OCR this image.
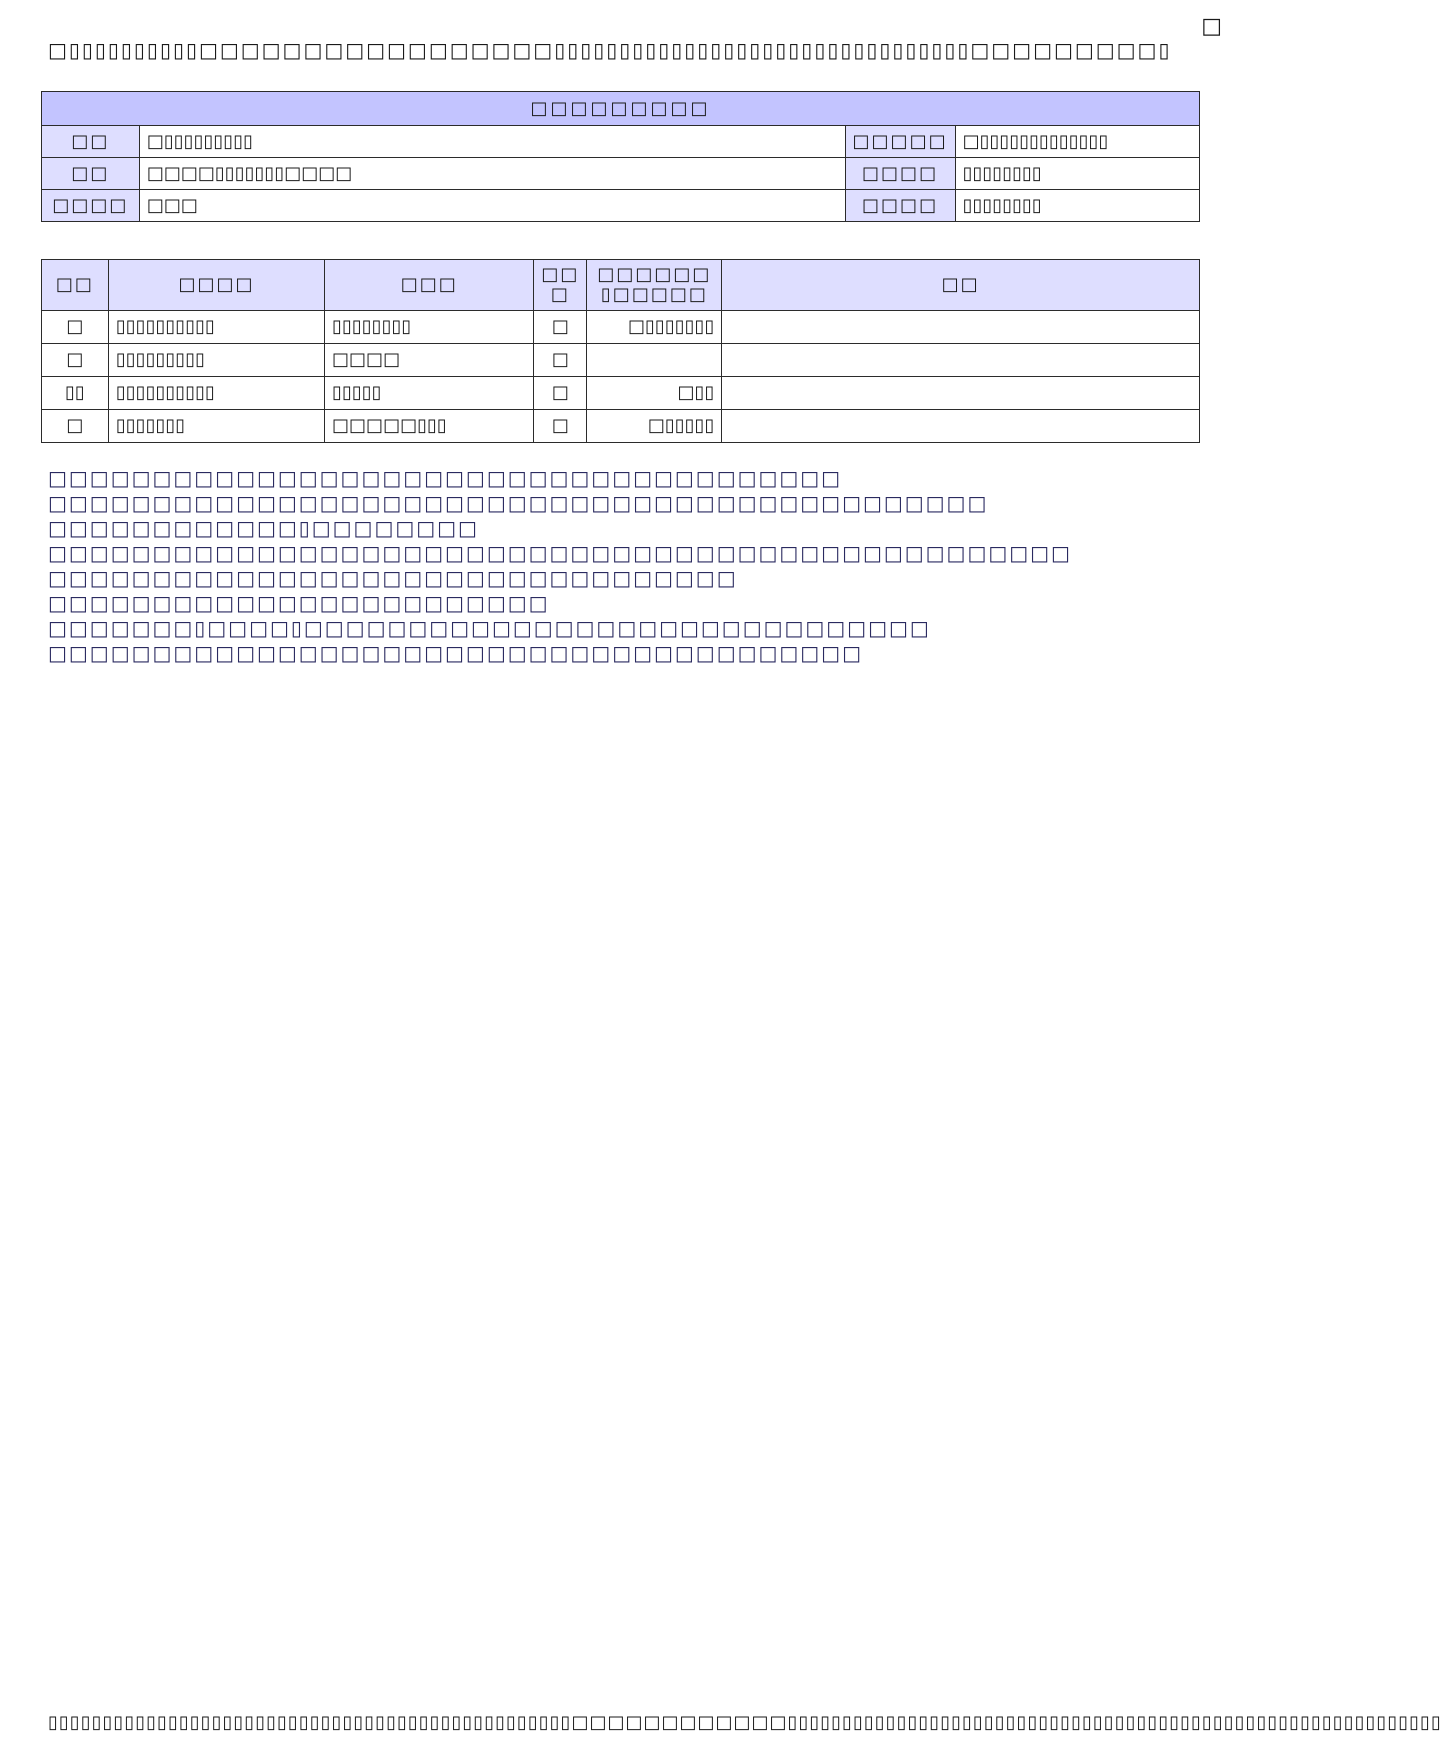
□
□▯▯▯▯▯▯▯▯▯▯□□□□□□□□□□□□□□□□□▯▯▯▯▯▯▯▯▯▯▯▯▯▯▯▯▯▯▯▯▯▯▯▯▯▯▯▯▯▯▯▯□□□□□□□□□▯
□□□□□□□□□			
□□	□▯▯▯▯▯▯▯▯▯	□□□□□	□▯▯▯▯▯▯▯▯▯▯▯▯▯
□□	□□□□▯▯▯▯▯▯▯□□□□	□□□□	▯▯▯▯▯▯▯▯
□□□□	□□□	□□□□	▯▯▯▯▯▯▯▯
□□	□□□□	□□□	□□ □	□□□□□□ ▯□□□□□	□□
□	▯▯▯▯▯▯▯▯▯▯	▯▯▯▯▯▯▯▯	□	□▯▯▯▯▯▯▯	
□	▯▯▯▯▯▯▯▯▯	□□□□	□		
▯▯	▯▯▯▯▯▯▯▯▯▯	▯▯▯▯▯	□	□▯▯	
□	▯▯▯▯▯▯▯	□□□□□▯▯▯	□	□▯▯▯▯▯	
□□□□□□□□□□□□□□□□□□□□□□□□□□□□□□□□□□□□□□
□□□□□□□□□□□□□□□□□□□□□□□□□□□□□□□□□□□□□□□□□□□□□
□□□□□□□□□□□□▯□□□□□□□□
□□□□□□□□□□□□□□□□□□□□□□□□□□□□□□□□□□□□□□□□□□□□□□□□□
□□□□□□□□□□□□□□□□□□□□□□□□□□□□□□□□□
□□□□□□□□□□□□□□□□□□□□□□□□
□□□□□□□▯□□□□▯□□□□□□□□□□□□□□□□□□□□□□□□□□□□□□
□□□□□□□□□□□□□□□□□□□□□□□□□□□□□□□□□□□□□□□
▯▯▯▯▯▯▯▯▯▯▯▯▯▯▯▯▯▯▯▯▯▯▯▯▯▯▯▯▯▯▯▯▯▯▯▯▯▯▯▯▯▯▯▯▯▯▯▯□□□□□□□□□□□□▯▯▯▯▯▯▯▯▯▯▯▯▯▯▯▯▯▯▯▯▯▯▯▯▯▯▯▯▯▯▯▯▯▯▯▯▯▯▯▯▯▯▯▯▯▯▯▯▯▯▯▯▯▯▯▯▯▯▯▯
